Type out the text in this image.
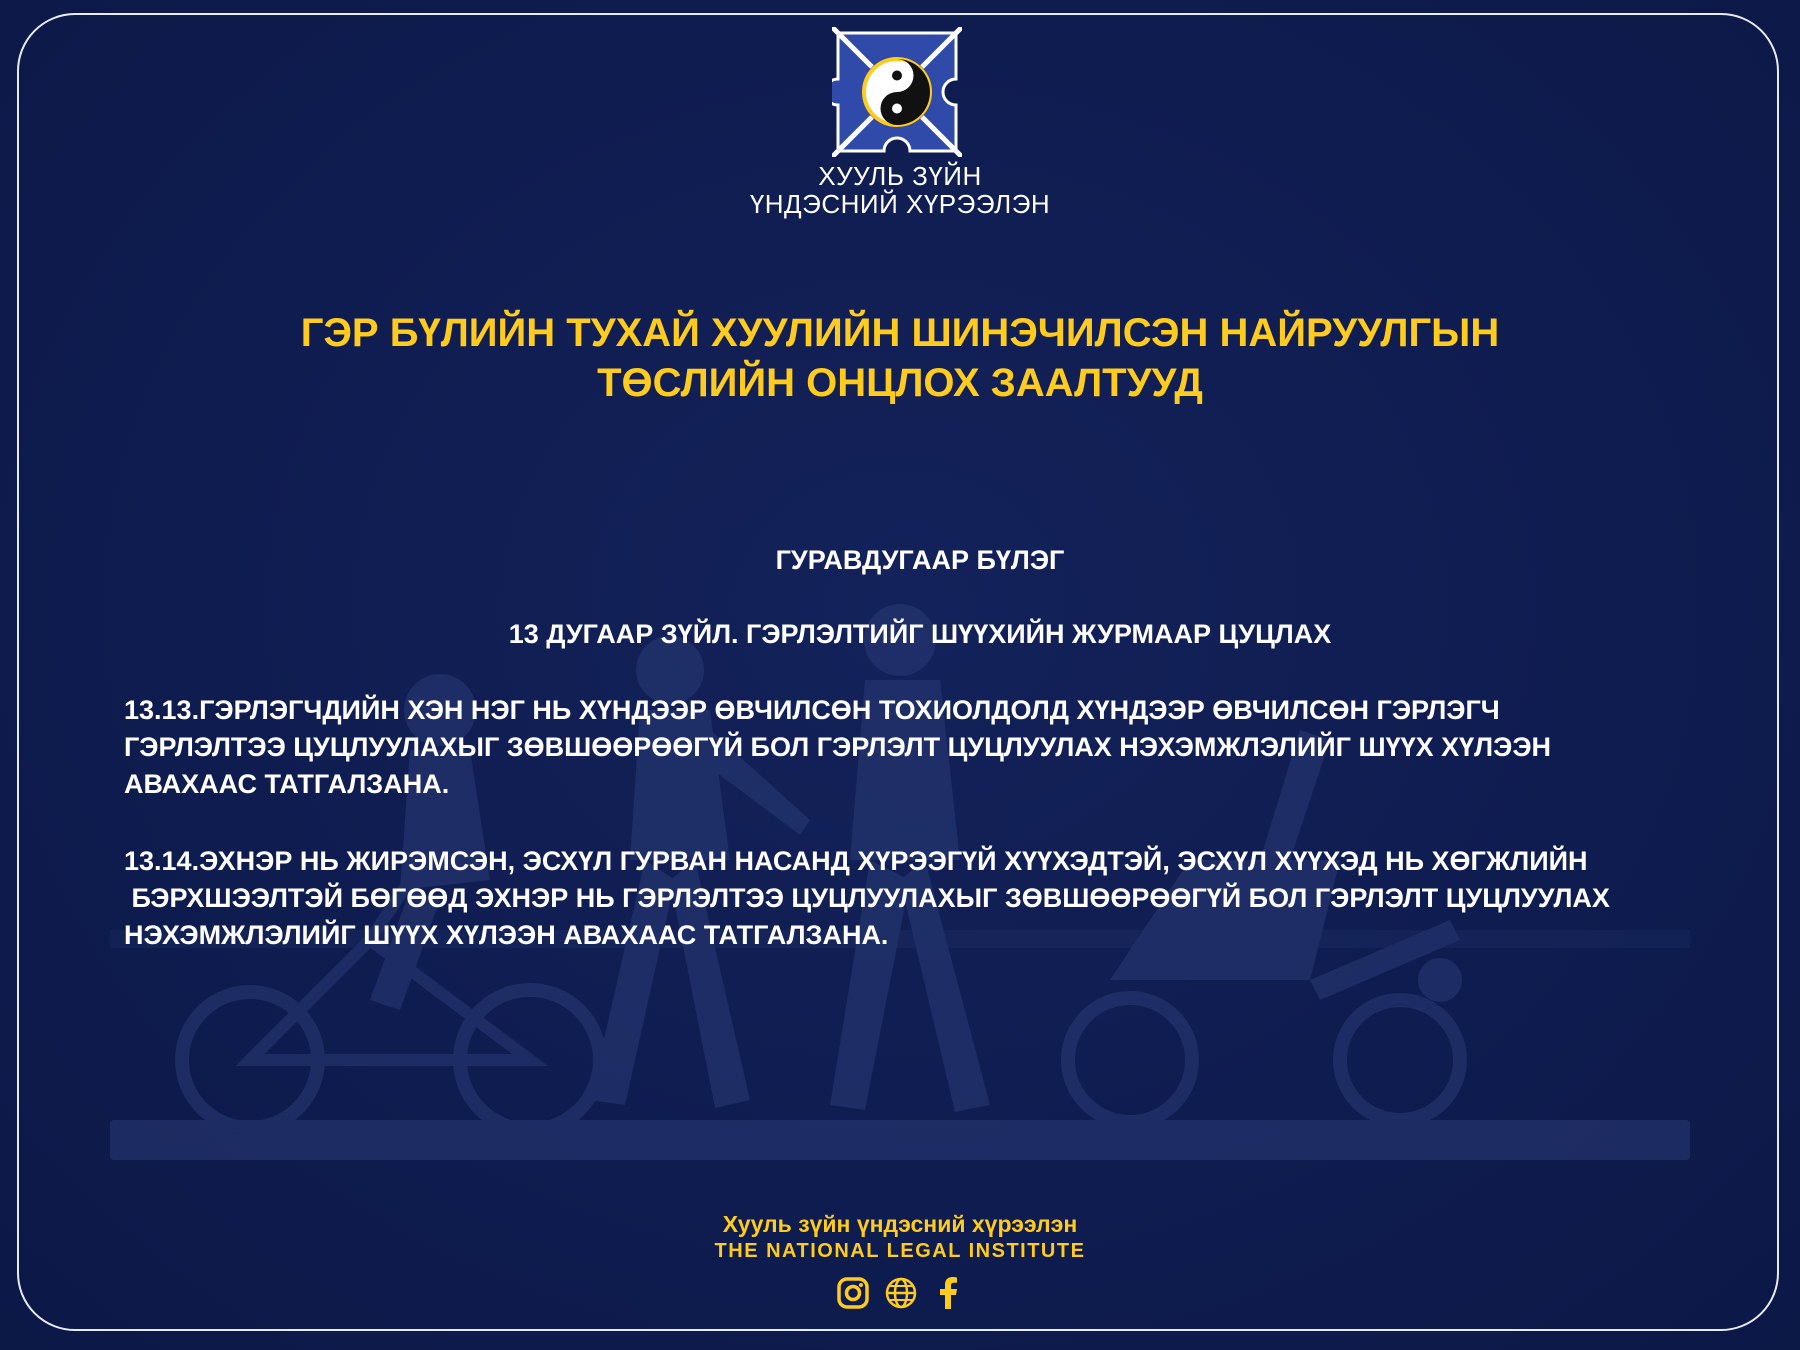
ХУУЛЬ ЗҮЙН
ҮНДЭСНИЙ ХҮРЭЭЛЭН
ГЭР БҮЛИЙН ТУХАЙ ХУУЛИЙН ШИНЭЧИЛСЭН НАЙРУУЛГЫН
ТӨСЛИЙН ОНЦЛОХ ЗААЛТУУД
ГУРАВДУГААР БҮЛЭГ
13 ДУГААР ЗҮЙЛ. ГЭРЛЭЛТИЙГ ШҮҮХИЙН ЖУРМААР ЦУЦЛАХ
13.13.ГЭРЛЭГЧДИЙН ХЭН НЭГ НЬ ХҮНДЭЭР ӨВЧИЛСӨН ТОХИОЛДОЛД ХҮНДЭЭР ӨВЧИЛСӨН ГЭРЛЭГЧ
ГЭРЛЭЛТЭЭ ЦУЦЛУУЛАХЫГ ЗӨВШӨӨРӨӨГҮЙ БОЛ ГЭРЛЭЛТ ЦУЦЛУУЛАХ НЭХЭМЖЛЭЛИЙГ ШҮҮХ ХҮЛЭЭН
АВАХААС ТАТГАЛЗАНА.
13.14.ЭХНЭР НЬ ЖИРЭМСЭН, ЭСХҮЛ ГУРВАН НАСАНД ХҮРЭЭГҮЙ ХҮҮХЭДТЭЙ, ЭСХҮЛ ХҮҮХЭД НЬ ХӨГЖЛИЙН
БЭРХШЭЭЛТЭЙ БӨГӨӨД ЭХНЭР НЬ ГЭРЛЭЛТЭЭ ЦУЦЛУУЛАХЫГ ЗӨВШӨӨРӨӨГҮЙ БОЛ ГЭРЛЭЛТ ЦУЦЛУУЛАХ
НЭХЭМЖЛЭЛИЙГ ШҮҮХ ХҮЛЭЭН АВАХААС ТАТГАЛЗАНА.
Хууль зүйн үндэсний хүрээлэн
THE NATIONAL LEGAL INSTITUTE
